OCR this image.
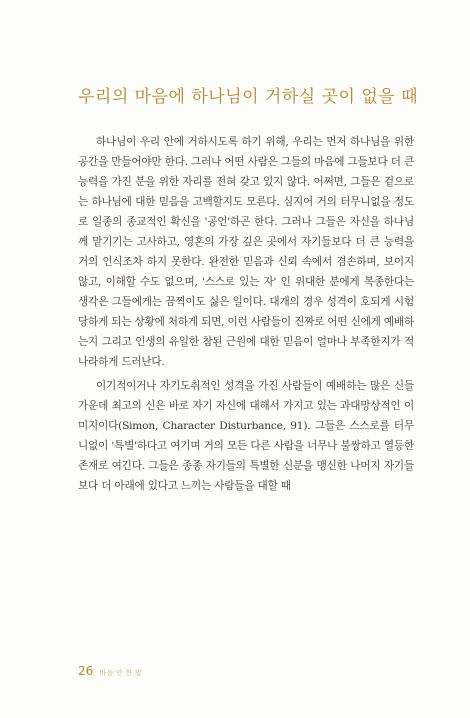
우리의 마음에 하나님이 거하실 곳이 없을 때

하나님이 우리 안에 거하시도록 하기 위해, 우리는 먼저 하나님을 위한 공간을 만들어야만 한다. 그러나 어떤 사람은 그들의 마음에 그들보다 더 큰 능력을 가진 분을 위한 자리를 전혀 갖고 있지 않다. 어쩌면, 그들은 겉으로는 하나님에 대한 믿음을 고백할지도 모른다. 심지어 거의 터무니없을 정도로 일종의 종교적인 확신을 '공언'하곤 한다. 그러나 그들은 자신을 하나님께 맡기기는 고사하고, 영혼의 가장 깊은 곳에서 자기들보다 더 큰 능력을 거의 인식조차 하지 못한다. 완전한 믿음과 신뢰 속에서 겸손하며, 보이지 않고, 이해할 수도 없으며, '스스로 있는 자' 인 위대한 분에게 복종한다는 생각은 그들에게는 끔찍이도 싫은 일이다. 대개의 경우 성격이 호되게 시험 당하게 되는 상황에 처하게 되면, 이런 사람들이 진짜로 어떤 신에게 예배하는지 그리고 인생의 유일한 참된 근원에 대한 믿음이 얼마나 부족한지가 적나라하게 드러난다.

이기적이거나 자기도취적인 성격을 가진 사람들이 예배하는 많은 신들 가운데 최고의 신은 바로 자기 자신에 대해서 가지고 있는 과대망상적인 이미지이다(Simon, Character Disturbance, 91). 그들은 스스로를 터무니없이 '특별'하다고 여기며 거의 모든 다른 사람을 너무나 불쌍하고 열등한 존재로 여긴다. 그들은 종종 자기들의 특별한 신분을 맹신한 나머지 자기들보다 더 아래에 있다고 느끼는 사람들을 대할 때

26 마음 안 한 말
